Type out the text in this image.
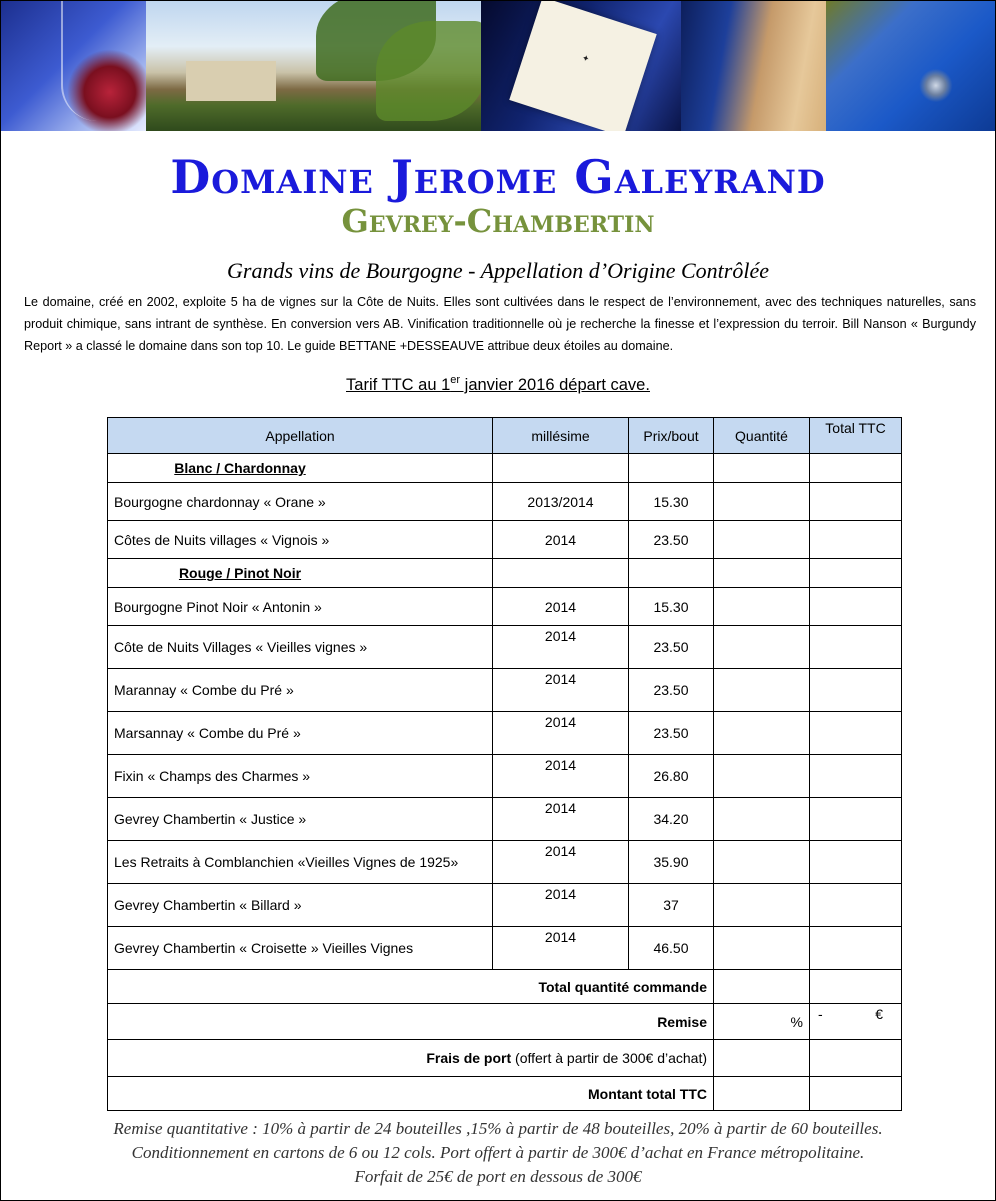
✦
Domaine Jerome Galeyrand
Gevrey-Chambertin
Grands vins de Bourgogne - Appellation d’Origine Contrôlée
Le domaine, créé en 2002, exploite 5 ha de vignes sur la Côte de Nuits. Elles sont cultivées dans le respect de l’environnement, avec des techniques naturelles, sans produit chimique, sans intrant de synthèse. En conversion vers AB. Vinification traditionnelle où je recherche la finesse et l’expression du terroir. Bill Nanson « Burgundy Report » a classé le domaine dans son top 10. Le guide BETTANE +DESSEAUVE attribue deux étoiles au domaine.
Tarif TTC au 1er janvier 2016 départ cave.
Appellation	millésime	Prix/bout	Quantité	Total TTC
Blanc / Chardonnay				
Bourgogne chardonnay « Orane »	2013/2014	15.30		
Côtes de Nuits villages « Vignois »	2014	23.50		
Rouge / Pinot Noir				
Bourgogne Pinot Noir « Antonin »	2014	15.30		
Côte de Nuits Villages « Vieilles vignes »	2014	23.50		
Marannay « Combe du Pré »	2014	23.50		
Marsannay « Combe du Pré »	2014	23.50		
Fixin « Champs des Charmes »	2014	26.80		
Gevrey Chambertin « Justice »	2014	34.20		
Les Retraits à Comblanchien «Vieilles Vignes de 1925»	2014	35.90		
Gevrey Chambertin « Billard »	2014	37		
Gevrey Chambertin « Croisette » Vieilles Vignes	2014	46.50		
Total quantité commande				
Remise			%	- €

Frais de port (offert à partir de 300€ d’achat)				
Montant total TTC				
Remise quantitative : 10% à partir de 24 bouteilles ,15% à partir de 48 bouteilles, 20% à partir de 60 bouteilles.
Conditionnement en cartons de 6 ou 12 cols. Port offert à partir de 300€ d’achat en France métropolitaine.
Forfait de 25€ de port en dessous de 300€
